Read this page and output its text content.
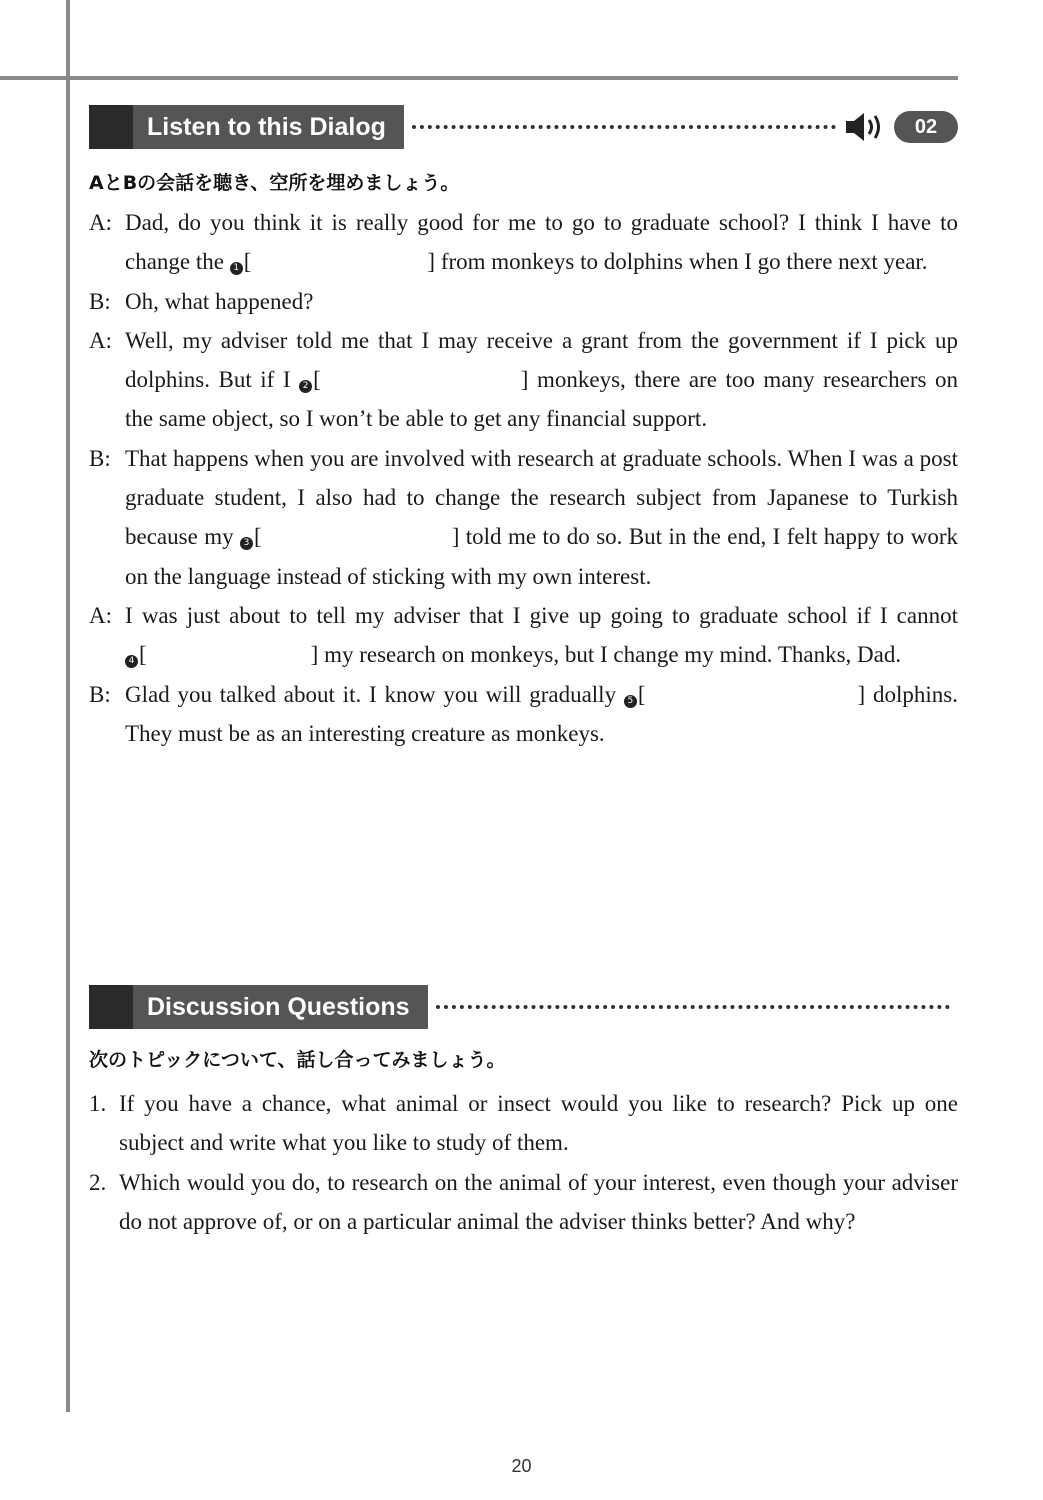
Listen to this Dialog	02
AとBの会話を聴き、空所を埋めましょう。
A: Dad, do you think it is really good for me to go to graduate school? I think I have to change the 1 [	] from monkeys to dolphins when I go there next year.
B: Oh, what happened?
A: Well, my adviser told me that I may receive a grant from the government if I pick up dolphins. But if I 2 [	] monkeys, there are too many researchers on the same object, so I won’t be able to get any financial support.
B: That happens when you are involved with research at graduate schools. When I was a post graduate student, I also had to change the research subject from Japanese to Turkish because my 3 [	] told me to do so. But in the end, I felt happy to work on the language instead of sticking with my own interest.
A: I was just about to tell my adviser that I give up going to graduate school if I cannot 4 [	] my research on monkeys, but I change my mind. Thanks, Dad.
B: Glad you talked about it. I know you will gradually 5 [	] dolphins. They must be as an interesting creature as monkeys.
Discussion Questions
次のトピックについて、話し合ってみましょう。
1. If you have a chance, what animal or insect would you like to research? Pick up one subject and write what you like to study of them.
2. Which would you do, to research on the animal of your interest, even though your adviser do not approve of, or on a particular animal the adviser thinks better? And why?
20
